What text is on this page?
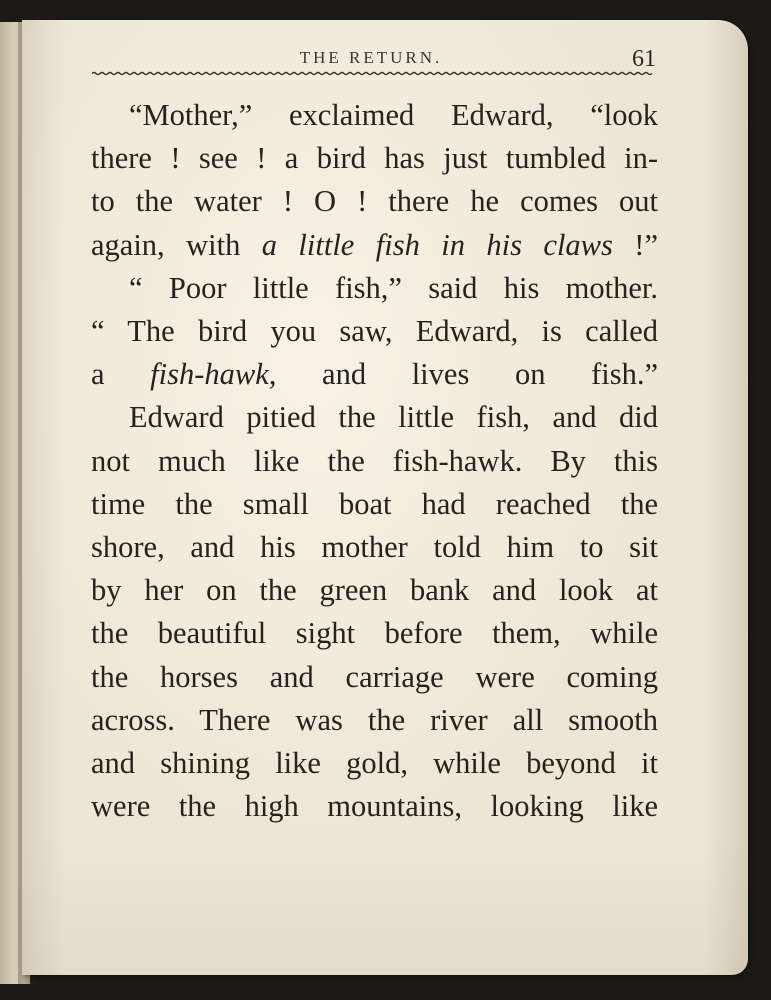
THE RETURN.	61

“Mother,” exclaimed Edward, “look
there ! see ! a bird has just tumbled in-
to the water ! O ! there he comes out
again, with a little fish in his claws !”

“ Poor little fish,” said his mother.
“ The bird you saw, Edward, is called
a fish-hawk, and lives on fish.”

Edward pitied the little fish, and did
not much like the fish-hawk. By this
time the small boat had reached the
shore, and his mother told him to sit
by her on the green bank and look at
the beautiful sight before them, while
the horses and carriage were coming
across. There was the river all smooth
and shining like gold, while beyond it
were the high mountains, looking like
